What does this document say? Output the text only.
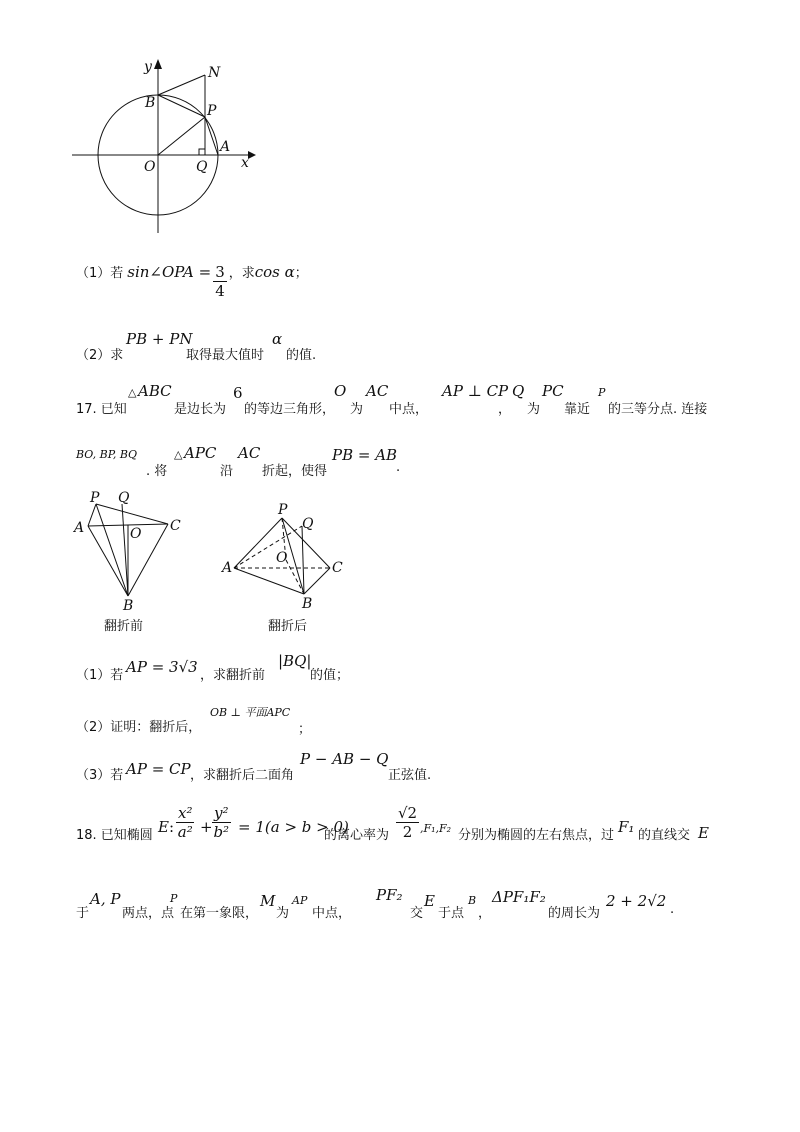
y	N
B	P
O	Q
A
x
（1）若 sin∠OPA = $\frac{3}{4}$ ，求 cos α ；
（2）求
PB + PN
取得最大值时
α
的值.
17. 已知
△ ABC
是边长为
6
的等边三角形，
O
为
AC
中点，
AP ⊥ CP
，
Q
为
PC
靠近
P
的三等分点. 连接
BO, BP, BQ
. 将
△ APC
沿
AC
折起，使得
PB = AB
.
P Q
A	O C
B
翻折前
P
Q
A
O
C
B
翻折后
（1）若 AP = 3√3 ，求翻折前
|BQ|
的值；
（2）证明：翻折后，
OB ⊥ 平面APC
；
（3）若 AP = CP ，求翻折后二面角
P − AB − Q
正弦值.
18. 已知椭圆 E : $\frac{\text{x²}}{\text{a²}} + \frac{\text{y²}}{\text{b²}} = 1(a > b > 0)$
的离心率为 $\frac{√2}{2} ,F_1,F_2$ 分别为椭圆的左右焦点，过 F₁ 的直线交 E
于
A, P
两点，点
P
在第一象限，
M
为
AP
中点，
PF₂
交
E
于点
B
，
ΔPF₁F₂
的周长为
2 + 2√2 .
